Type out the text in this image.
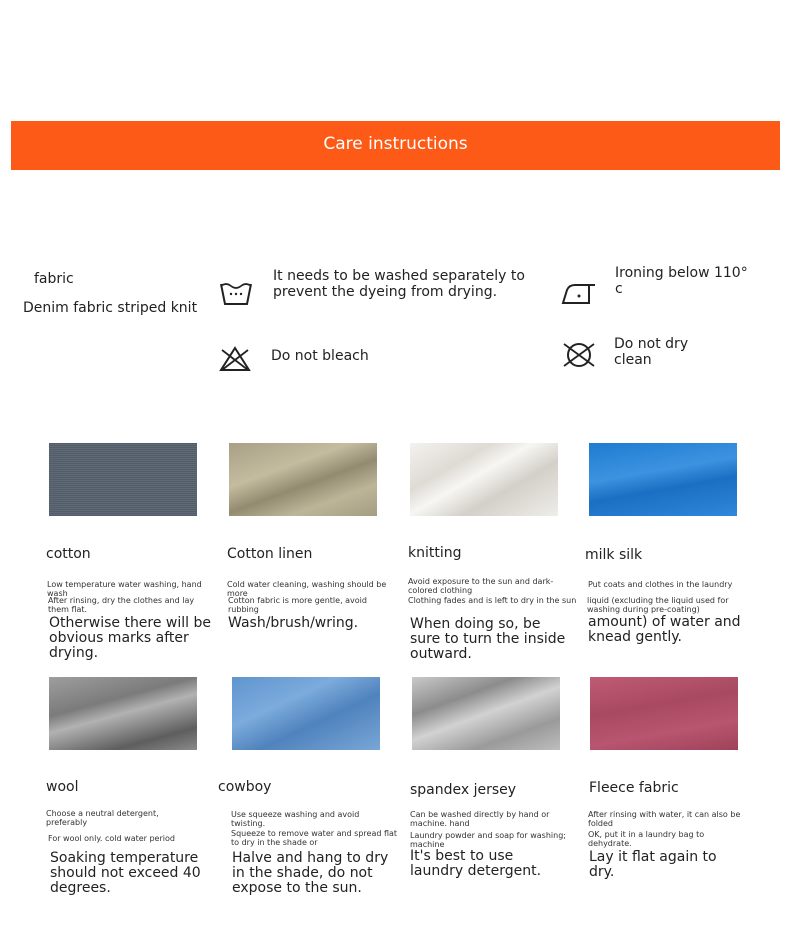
Care instructions
fabric
Denim fabric striped knit
It needs to be washed separately to prevent the dyeing from drying.
Ironing below 110° c
Do not bleach
Do not dry clean
cotton
Low temperature water washing, hand wash
After rinsing, dry the clothes and lay them flat.
Otherwise there will be obvious marks after drying.
Cotton linen
Cold water cleaning, washing should be more
Cotton fabric is more gentle, avoid rubbing
Wash/brush/wring.
knitting
Avoid exposure to the sun and dark-colored clothing
Clothing fades and is left to dry in the sun
When doing so, be sure to turn the inside outward.
milk silk
Put coats and clothes in the laundry
liquid (excluding the liquid used for washing during pre-coating)
amount) of water and knead gently.
wool
Choose a neutral detergent, preferably
For wool only. cold water period
Soaking temperature should not exceed 40 degrees.
cowboy
Use squeeze washing and avoid twisting.
Squeeze to remove water and spread flat to dry in the shade or
Halve and hang to dry in the shade, do not expose to the sun.
spandex jersey
Can be washed directly by hand or machine. hand
Laundry powder and soap for washing; machine
It's best to use laundry detergent.
Fleece fabric
After rinsing with water, it can also be folded
OK, put it in a laundry bag to dehydrate.
Lay it flat again to dry.
